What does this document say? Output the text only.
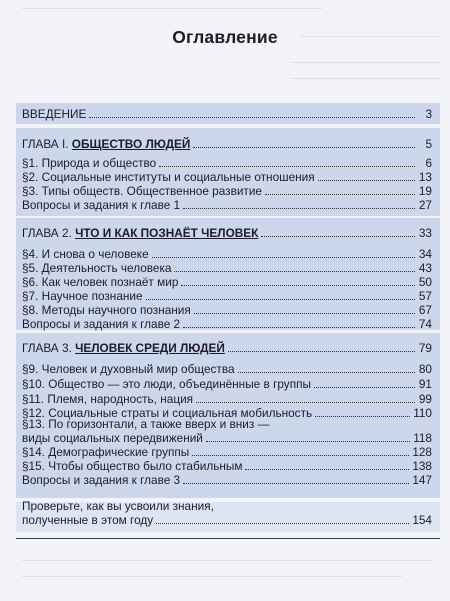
Оглавление
ВВЕДЕНИЕ	3
ГЛАВА I. ОБЩЕСТВО ЛЮДЕЙ	5
§1. Природа и общество	6
§2. Социальные институты и социальные отношения	13
§3. Типы обществ. Общественное развитие	19
Вопросы и задания к главе 1	27
ГЛАВА 2. ЧТО И КАК ПОЗНАЁТ ЧЕЛОВЕК	33
§4. И снова о человеке	34
§5. Деятельность человека	43
§6. Как человек познаёт мир	50
§7. Научное познание	57
§8. Методы научного познания	67
Вопросы и задания к главе 2	74
ГЛАВА 3. ЧЕЛОВЕК СРЕДИ ЛЮДЕЙ	79
§9. Человек и духовный мир общества	80
§10. Общество — это люди, объединённые в группы	91
§11. Племя, народность, нация	99
§12. Социальные страты и социальная мобильность	110
§13. По горизонтали, а также вверх и вниз —
виды социальных передвижений	118
§14. Демографические группы	128
§15. Чтобы общество было стабильным	138
Вопросы и задания к главе 3	147
Проверьте, как вы усвоили знания,
полученные в этом году	154
